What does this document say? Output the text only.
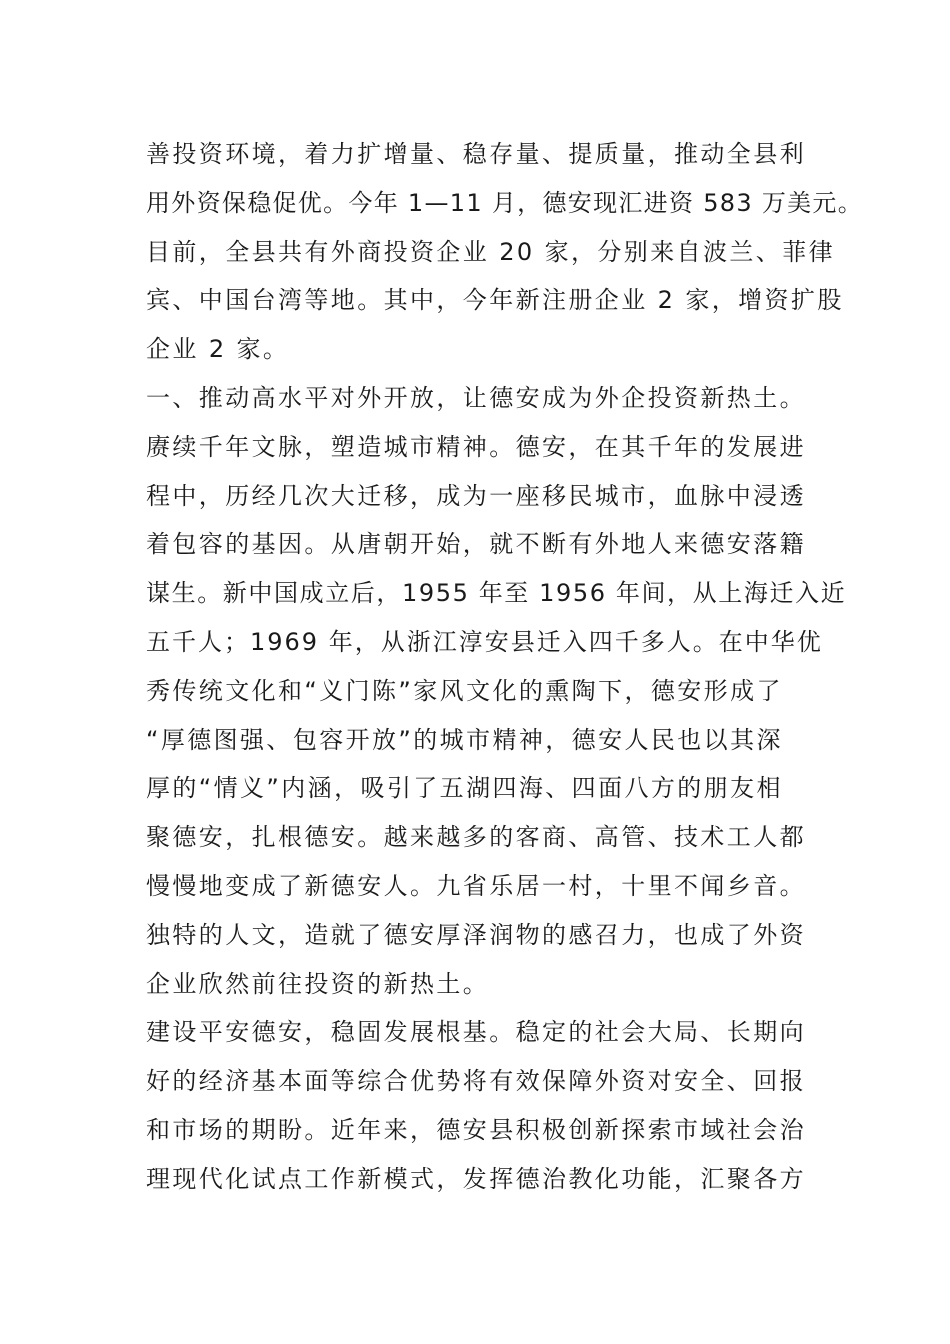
善投资环境，着力扩增量、稳存量、提质量，推动全县利
用外资保稳促优。今年 1—11 月，德安现汇进资 583 万美元。
目前，全县共有外商投资企业 20 家，分别来自波兰、菲律
宾、中国台湾等地。其中，今年新注册企业 2 家，增资扩股
企业 2 家。
一、推动高水平对外开放，让德安成为外企投资新热土。
赓续千年文脉，塑造城市精神。德安，在其千年的发展进
程中，历经几次大迁移，成为一座移民城市，血脉中浸透
着包容的基因。从唐朝开始，就不断有外地人来德安落籍
谋生。新中国成立后，1955 年至 1956 年间，从上海迁入近
五千人；1969 年，从浙江淳安县迁入四千多人。在中华优
秀传统文化和“义门陈”家风文化的熏陶下，德安形成了
“厚德图强、包容开放”的城市精神，德安人民也以其深
厚的“情义”内涵，吸引了五湖四海、四面八方的朋友相
聚德安，扎根德安。越来越多的客商、高管、技术工人都
慢慢地变成了新德安人。九省乐居一村，十里不闻乡音。
独特的人文，造就了德安厚泽润物的感召力，也成了外资
企业欣然前往投资的新热土。
建设平安德安，稳固发展根基。稳定的社会大局、长期向
好的经济基本面等综合优势将有效保障外资对安全、回报
和市场的期盼。近年来，德安县积极创新探索市域社会治
理现代化试点工作新模式，发挥德治教化功能，汇聚各方
